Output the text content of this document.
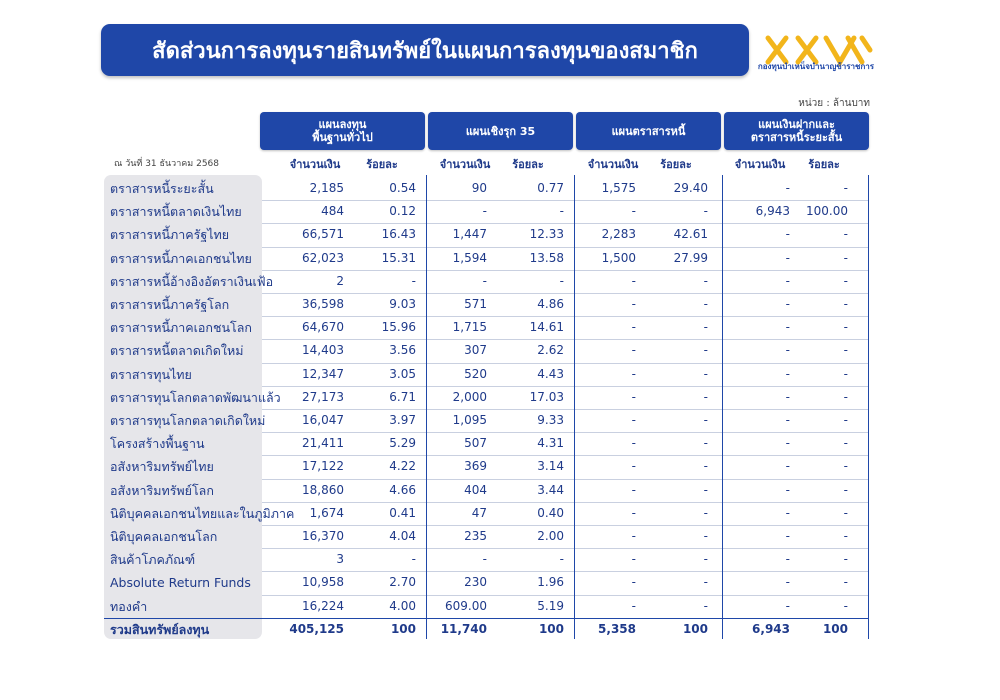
สัดส่วนการลงทุนรายสินทรัพย์ในแผนการลงทุนของสมาชิก
กองทุนบำเหน็จบำนาญข้าราชการ
หน่วย : ล้านบาท
ณ วันที่ 31 ธันวาคม 2568
แผนลงทุน
พื้นฐานทั่วไป
จำนวนเงิน	ร้อยละ
แผนเชิงรุก 35
จำนวนเงิน	ร้อยละ
แผนตราสารหนี้
จำนวนเงิน	ร้อยละ
แผนเงินฝากและ
ตราสารหนี้ระยะสั้น
จำนวนเงิน	ร้อยละ
ตราสารหนี้ระยะสั้น	2,185	0.54	90	0.77	1,575	29.40	-	-
ตราสารหนี้ตลาดเงินไทย	484	0.12	-	-	-	-	6,943	100.00
ตราสารหนี้ภาครัฐไทย	66,571	16.43	1,447	12.33	2,283	42.61	-	-
ตราสารหนี้ภาคเอกชนไทย	62,023	15.31	1,594	13.58	1,500	27.99	-	-
ตราสารหนี้อ้างอิงอัตราเงินเฟ้อ	2	-	-	-	-	-	-	-
ตราสารหนี้ภาครัฐโลก	36,598	9.03	571	4.86	-	-	-	-
ตราสารหนี้ภาคเอกชนโลก	64,670	15.96	1,715	14.61	-	-	-	-
ตราสารหนี้ตลาดเกิดใหม่	14,403	3.56	307	2.62	-	-	-	-
ตราสารทุนไทย	12,347	3.05	520	4.43	-	-	-	-
ตราสารทุนโลกตลาดพัฒนาแล้ว	27,173	6.71	2,000	17.03	-	-	-	-
ตราสารทุนโลกตลาดเกิดใหม่	16,047	3.97	1,095	9.33	-	-	-	-
โครงสร้างพื้นฐาน	21,411	5.29	507	4.31	-	-	-	-
อสังหาริมทรัพย์ไทย	17,122	4.22	369	3.14	-	-	-	-
อสังหาริมทรัพย์โลก	18,860	4.66	404	3.44	-	-	-	-
นิติบุคคลเอกชนไทยและในภูมิภาค	1,674	0.41	47	0.40	-	-	-	-
นิติบุคคลเอกชนโลก	16,370	4.04	235	2.00	-	-	-	-
สินค้าโภคภัณฑ์	3	-	-	-	-	-	-	-
Absolute Return Funds	10,958	2.70	230	1.96	-	-	-	-
ทองคำ	16,224	4.00	609.00	5.19	-	-	-	-
รวมสินทรัพย์ลงทุน	405,125	100	11,740	100	5,358	100	6,943	100
